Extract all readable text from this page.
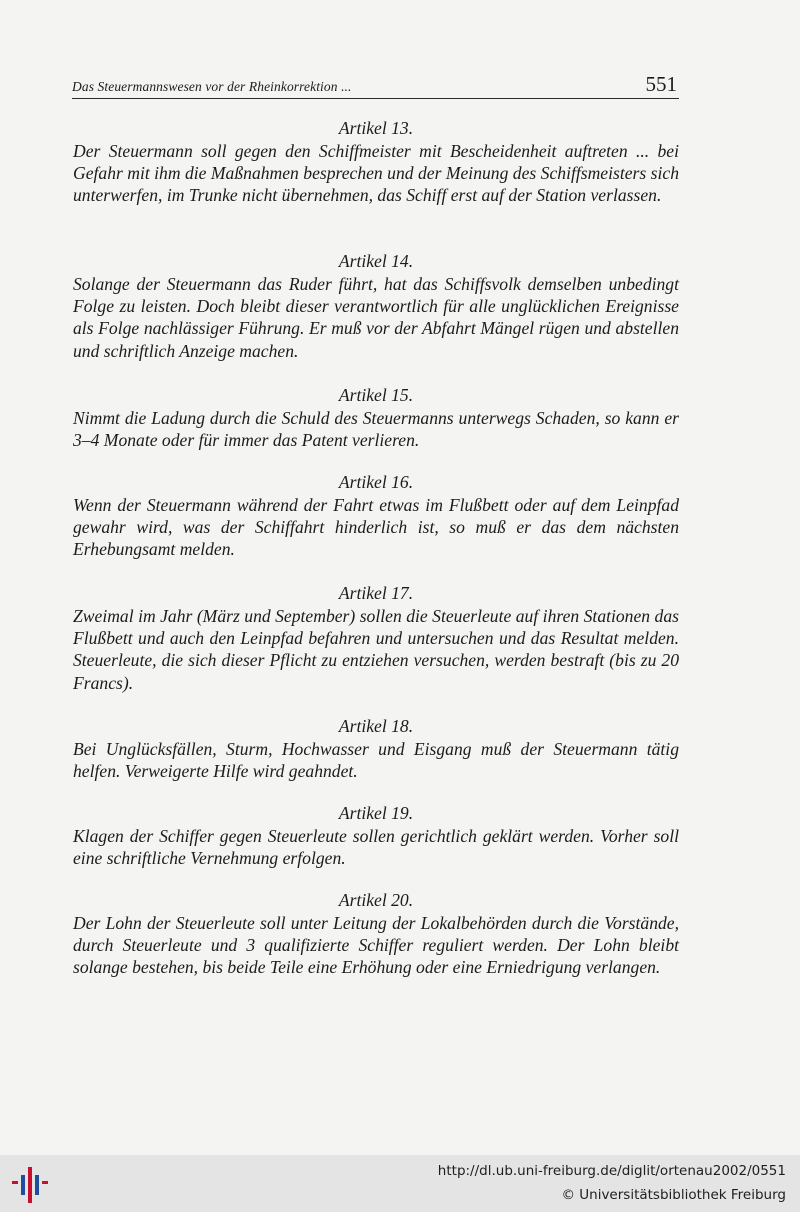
Das Steuermannswesen vor der Rheinkorrektion ...	551

Artikel 13.

Der Steuermann soll gegen den Schiffmeister mit Bescheidenheit auftreten ... bei Gefahr mit ihm die Maßnahmen besprechen und der Meinung des Schiffsmeisters sich unterwerfen, im Trunke nicht übernehmen, das Schiff erst auf der Station verlassen.

Artikel 14.

Solange der Steuermann das Ruder führt, hat das Schiffsvolk demselben unbedingt Folge zu leisten. Doch bleibt dieser verantwortlich für alle unglücklichen Ereignisse als Folge nachlässiger Führung. Er muß vor der Abfahrt Mängel rügen und abstellen und schriftlich Anzeige machen.

Artikel 15.

Nimmt die Ladung durch die Schuld des Steuermanns unterwegs Schaden, so kann er 3–4 Monate oder für immer das Patent verlieren.

Artikel 16.

Wenn der Steuermann während der Fahrt etwas im Flußbett oder auf dem Leinpfad gewahr wird, was der Schiffahrt hinderlich ist, so muß er das dem nächsten Erhebungsamt melden.

Artikel 17.

Zweimal im Jahr (März und September) sollen die Steuerleute auf ihren Stationen das Flußbett und auch den Leinpfad befahren und untersuchen und das Resultat melden. Steuerleute, die sich dieser Pflicht zu entziehen versuchen, werden bestraft (bis zu 20 Francs).

Artikel 18.

Bei Unglücksfällen, Sturm, Hochwasser und Eisgang muß der Steuermann tätig helfen. Verweigerte Hilfe wird geahndet.

Artikel 19.

Klagen der Schiffer gegen Steuerleute sollen gerichtlich geklärt werden. Vorher soll eine schriftliche Vernehmung erfolgen.

Artikel 20.

Der Lohn der Steuerleute soll unter Leitung der Lokalbehörden durch die Vorstände, durch Steuerleute und 3 qualifizierte Schiffer reguliert werden. Der Lohn bleibt solange bestehen, bis beide Teile eine Erhöhung oder eine Erniedrigung verlangen.

http://dl.ub.uni-freiburg.de/diglit/ortenau2002/0551
© Universitätsbibliothek Freiburg
